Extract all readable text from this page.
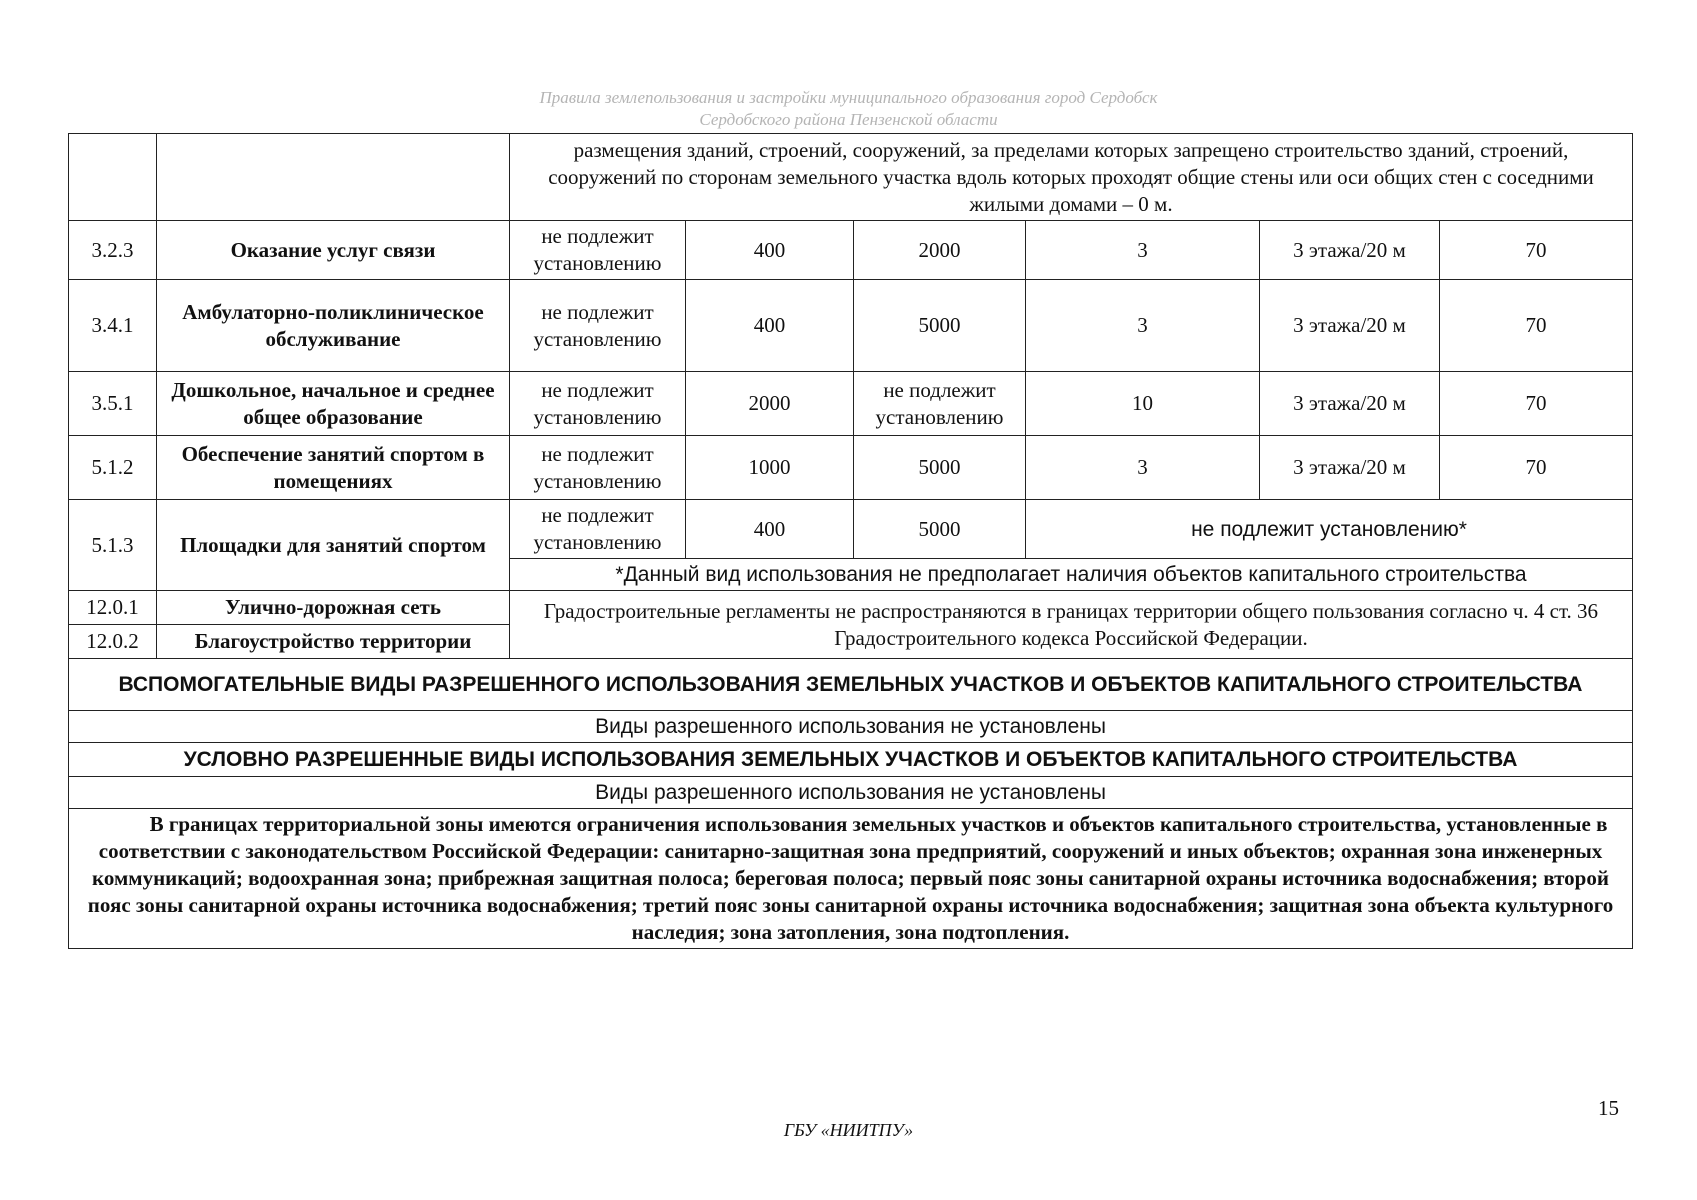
Правила землепользования и застройки муниципального образования город Сердобск
Сердобского района Пензенской области
		размещения зданий, строений, сооружений, за пределами которых запрещено строительство зданий, строений, сооружений по сторонам земельного участка вдоль которых проходят общие стены или оси общих стен с соседними жилыми домами – 0 м.					
3.2.3	Оказание услуг связи	не подлежит установлению	400	2000	3	3 этажа/20 м	70
3.4.1	Амбулаторно-поликлиническое обслуживание	не подлежит установлению	400	5000	3	3 этажа/20 м	70
3.5.1	Дошкольное, начальное и среднее общее образование	не подлежит установлению	2000	не подлежит установлению	10	3 этажа/20 м	70
5.1.2	Обеспечение занятий спортом в помещениях	не подлежит установлению	1000	5000	3	3 этажа/20 м	70
5.1.3	Площадки для занятий спортом	не подлежит установлению	400	5000	не подлежит установлению*		
		*Данный вид использования не предполагает наличия объектов капитального строительства					
12.0.1	Улично-дорожная сеть	Градостроительные регламенты не распространяются в границах территории общего пользования согласно ч. 4 ст. 36 Градостроительного кодекса Российской Федерации.					
12.0.2	Благоустройство территории						
ВСПОМОГАТЕЛЬНЫЕ ВИДЫ РАЗРЕШЕННОГО ИСПОЛЬЗОВАНИЯ ЗЕМЕЛЬНЫХ УЧАСТКОВ И ОБЪЕКТОВ КАПИТАЛЬНОГО СТРОИТЕЛЬСТВА							
Виды разрешенного использования не установлены							
УСЛОВНО РАЗРЕШЕННЫЕ ВИДЫ ИСПОЛЬЗОВАНИЯ ЗЕМЕЛЬНЫХ УЧАСТКОВ И ОБЪЕКТОВ КАПИТАЛЬНОГО СТРОИТЕЛЬСТВА							
Виды разрешенного использования не установлены							
В границах территориальной зоны имеются ограничения использования земельных участков и объектов капитального строительства, установленные в соответствии с законодательством Российской Федерации: санитарно-защитная зона предприятий, сооружений и иных объектов; охранная зона инженерных коммуникаций; водоохранная зона; прибрежная защитная полоса; береговая полоса; первый пояс зоны санитарной охраны источника водоснабжения; второй пояс зоны санитарной охраны источника водоснабжения; третий пояс зоны санитарной охраны источника водоснабжения; защитная зона объекта культурного наследия; зона затопления, зона подтопления.							
15
ГБУ «НИИТПУ»
